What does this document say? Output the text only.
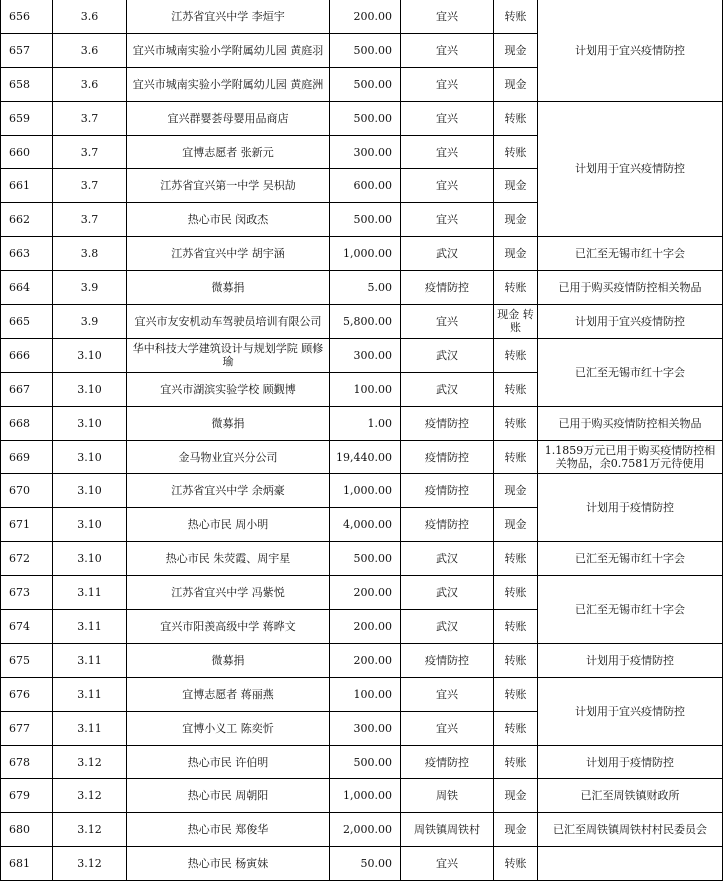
656	3.6	江苏省宜兴中学 李烜宇	200.00	宜兴	转账	计划用于宜兴疫情防控
657	3.6	宜兴市城南实验小学附属幼儿园 黄庭羽	500.00	宜兴	现金	
658	3.6	宜兴市城南实验小学附属幼儿园 黄庭洲	500.00	宜兴	现金	
659	3.7	宜兴群婴荟母婴用品商店	500.00	宜兴	转账	计划用于宜兴疫情防控
660	3.7	宜博志愿者 张新元	300.00	宜兴	转账	
661	3.7	江苏省宜兴第一中学 吴枳劼	600.00	宜兴	现金	
662	3.7	热心市民 闵政杰	500.00	宜兴	现金	
663	3.8	江苏省宜兴中学 胡宇涵	1,000.00	武汉	现金	已汇至无锡市红十字会
664	3.9	微募捐	5.00	疫情防控	转账	已用于购买疫情防控相关物品
665	3.9	宜兴市友安机动车驾驶员培训有限公司	5,800.00	宜兴	现金 转账	计划用于宜兴疫情防控
666	3.10	华中科技大学建筑设计与规划学院 顾修瑜	300.00	武汉	转账	已汇至无锡市红十字会
667	3.10	宜兴市湖滨实验学校 顾觐博	100.00	武汉	转账	
668	3.10	微募捐	1.00	疫情防控	转账	已用于购买疫情防控相关物品
669	3.10	金马物业宜兴分公司	19,440.00	疫情防控	转账	1.1859万元已用于购买疫情防控相关物品，余0.7581万元待使用
670	3.10	江苏省宜兴中学 余炳豪	1,000.00	疫情防控	现金	计划用于疫情防控
671	3.10	热心市民 周小明	4,000.00	疫情防控	现金	
672	3.10	热心市民 朱荧霞、周宇星	500.00	武汉	转账	已汇至无锡市红十字会
673	3.11	江苏省宜兴中学 冯紫悦	200.00	武汉	转账	已汇至无锡市红十字会
674	3.11	宜兴市阳羡高级中学 蒋晔文	200.00	武汉	转账	
675	3.11	微募捐	200.00	疫情防控	转账	计划用于疫情防控
676	3.11	宜博志愿者 蒋丽燕	100.00	宜兴	转账	计划用于宜兴疫情防控
677	3.11	宜博小义工 陈奕忻	300.00	宜兴	转账	
678	3.12	热心市民 许伯明	500.00	疫情防控	转账	计划用于疫情防控
679	3.12	热心市民 周朝阳	1,000.00	周铁	现金	已汇至周铁镇财政所
680	3.12	热心市民 郑俊华	2,000.00	周铁镇周铁村	现金	已汇至周铁镇周铁村村民委员会
681	3.12	热心市民 杨寅妹	50.00	宜兴	转账	
